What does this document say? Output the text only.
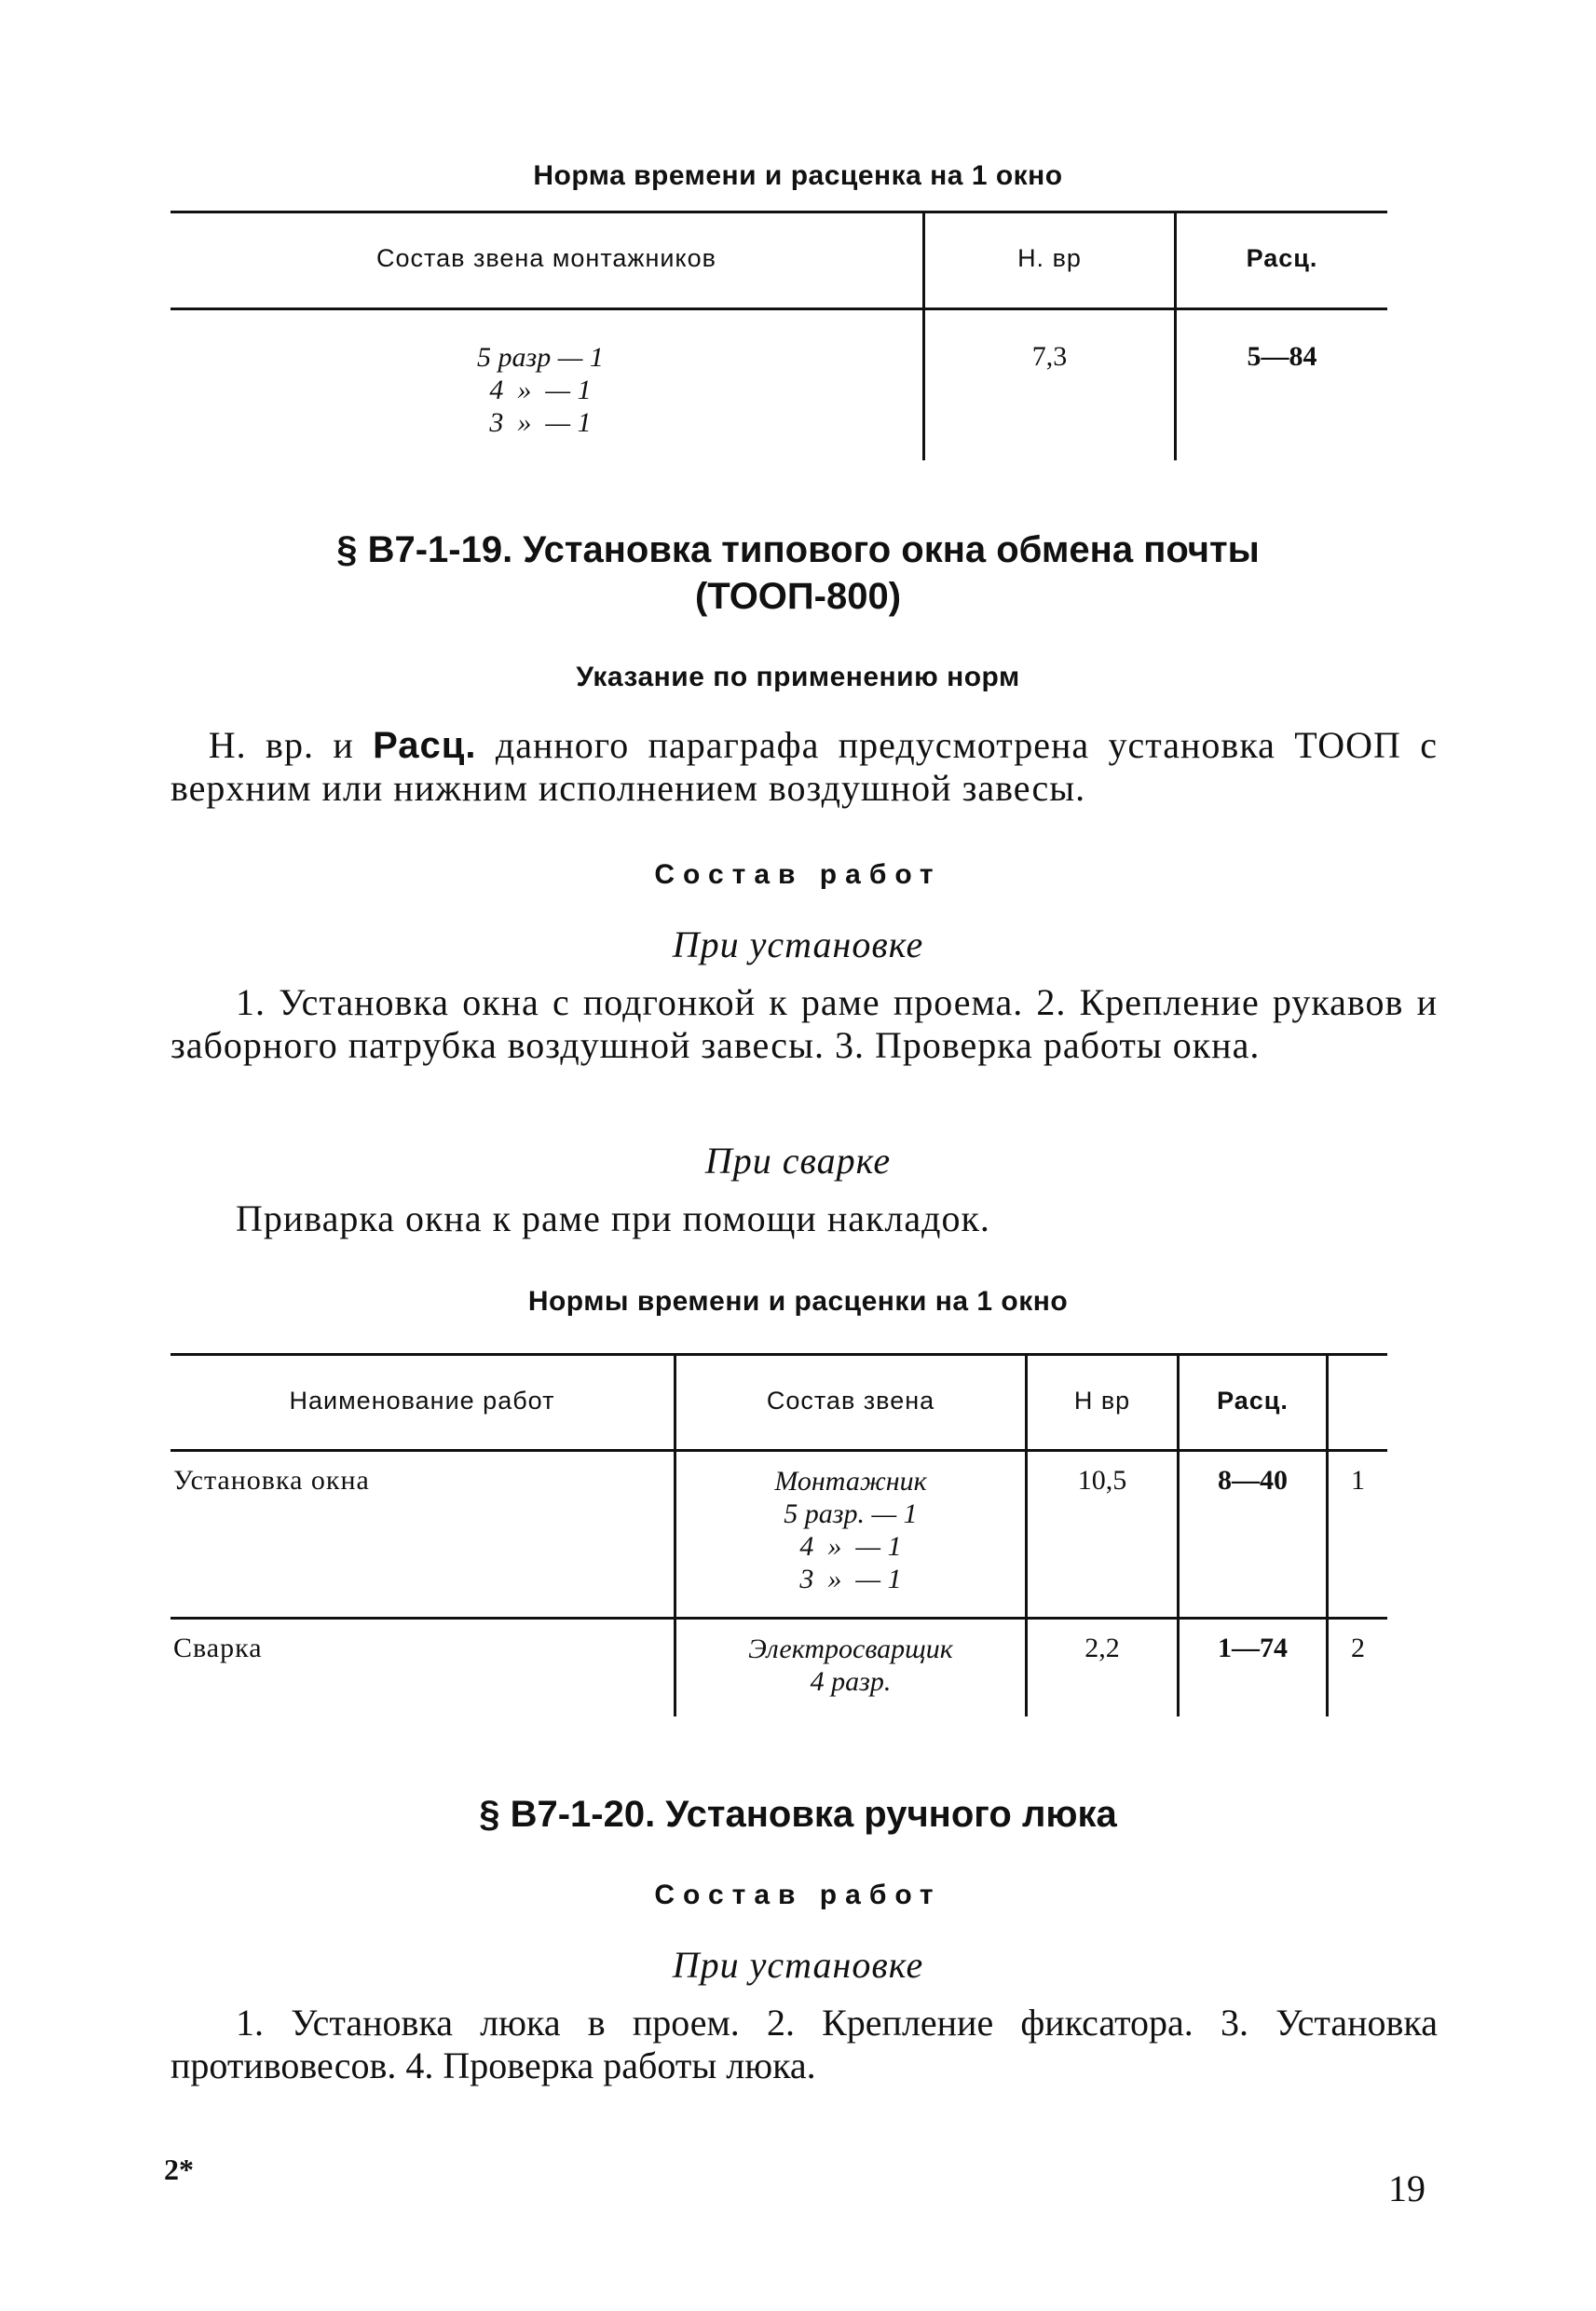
Норма времени и расценка на 1 окно
Состав звена монтажников	Н. вр	Расц.
5 разр — 1
4  »  — 1
3  »  — 1
7,3	5—84
§ В7-1-19. Установка типового окна обмена почты
(ТООП-800)
Указание по применению норм
Н. вр. и Расц. данного параграфа предусмотрена установка ТООП с верхним или нижним исполнением воздушной завесы.
Состав работ
При установке
1. Установка окна с подгонкой к раме проема. 2. Крепление рукавов и заборного патрубка воздушной завесы. 3. Проверка работы окна.
При сварке
Приварка окна к раме при помощи накладок.
Нормы времени и расценки на 1 окно
Наименование работ	Состав звена	Н вр	Расц.
Установка окна	Монтажник
5 разр. — 1
4  »  — 1
3  »  — 1
10,5	8—40	1
Сварка	Электросварщик
4 разр.
2,2	1—74	2
§ В7-1-20. Установка ручного люка
Состав работ
При установке
1. Установка люка в проем. 2. Крепление фиксатора. 3. Установка противовесов. 4. Проверка работы люка.
2*	19
